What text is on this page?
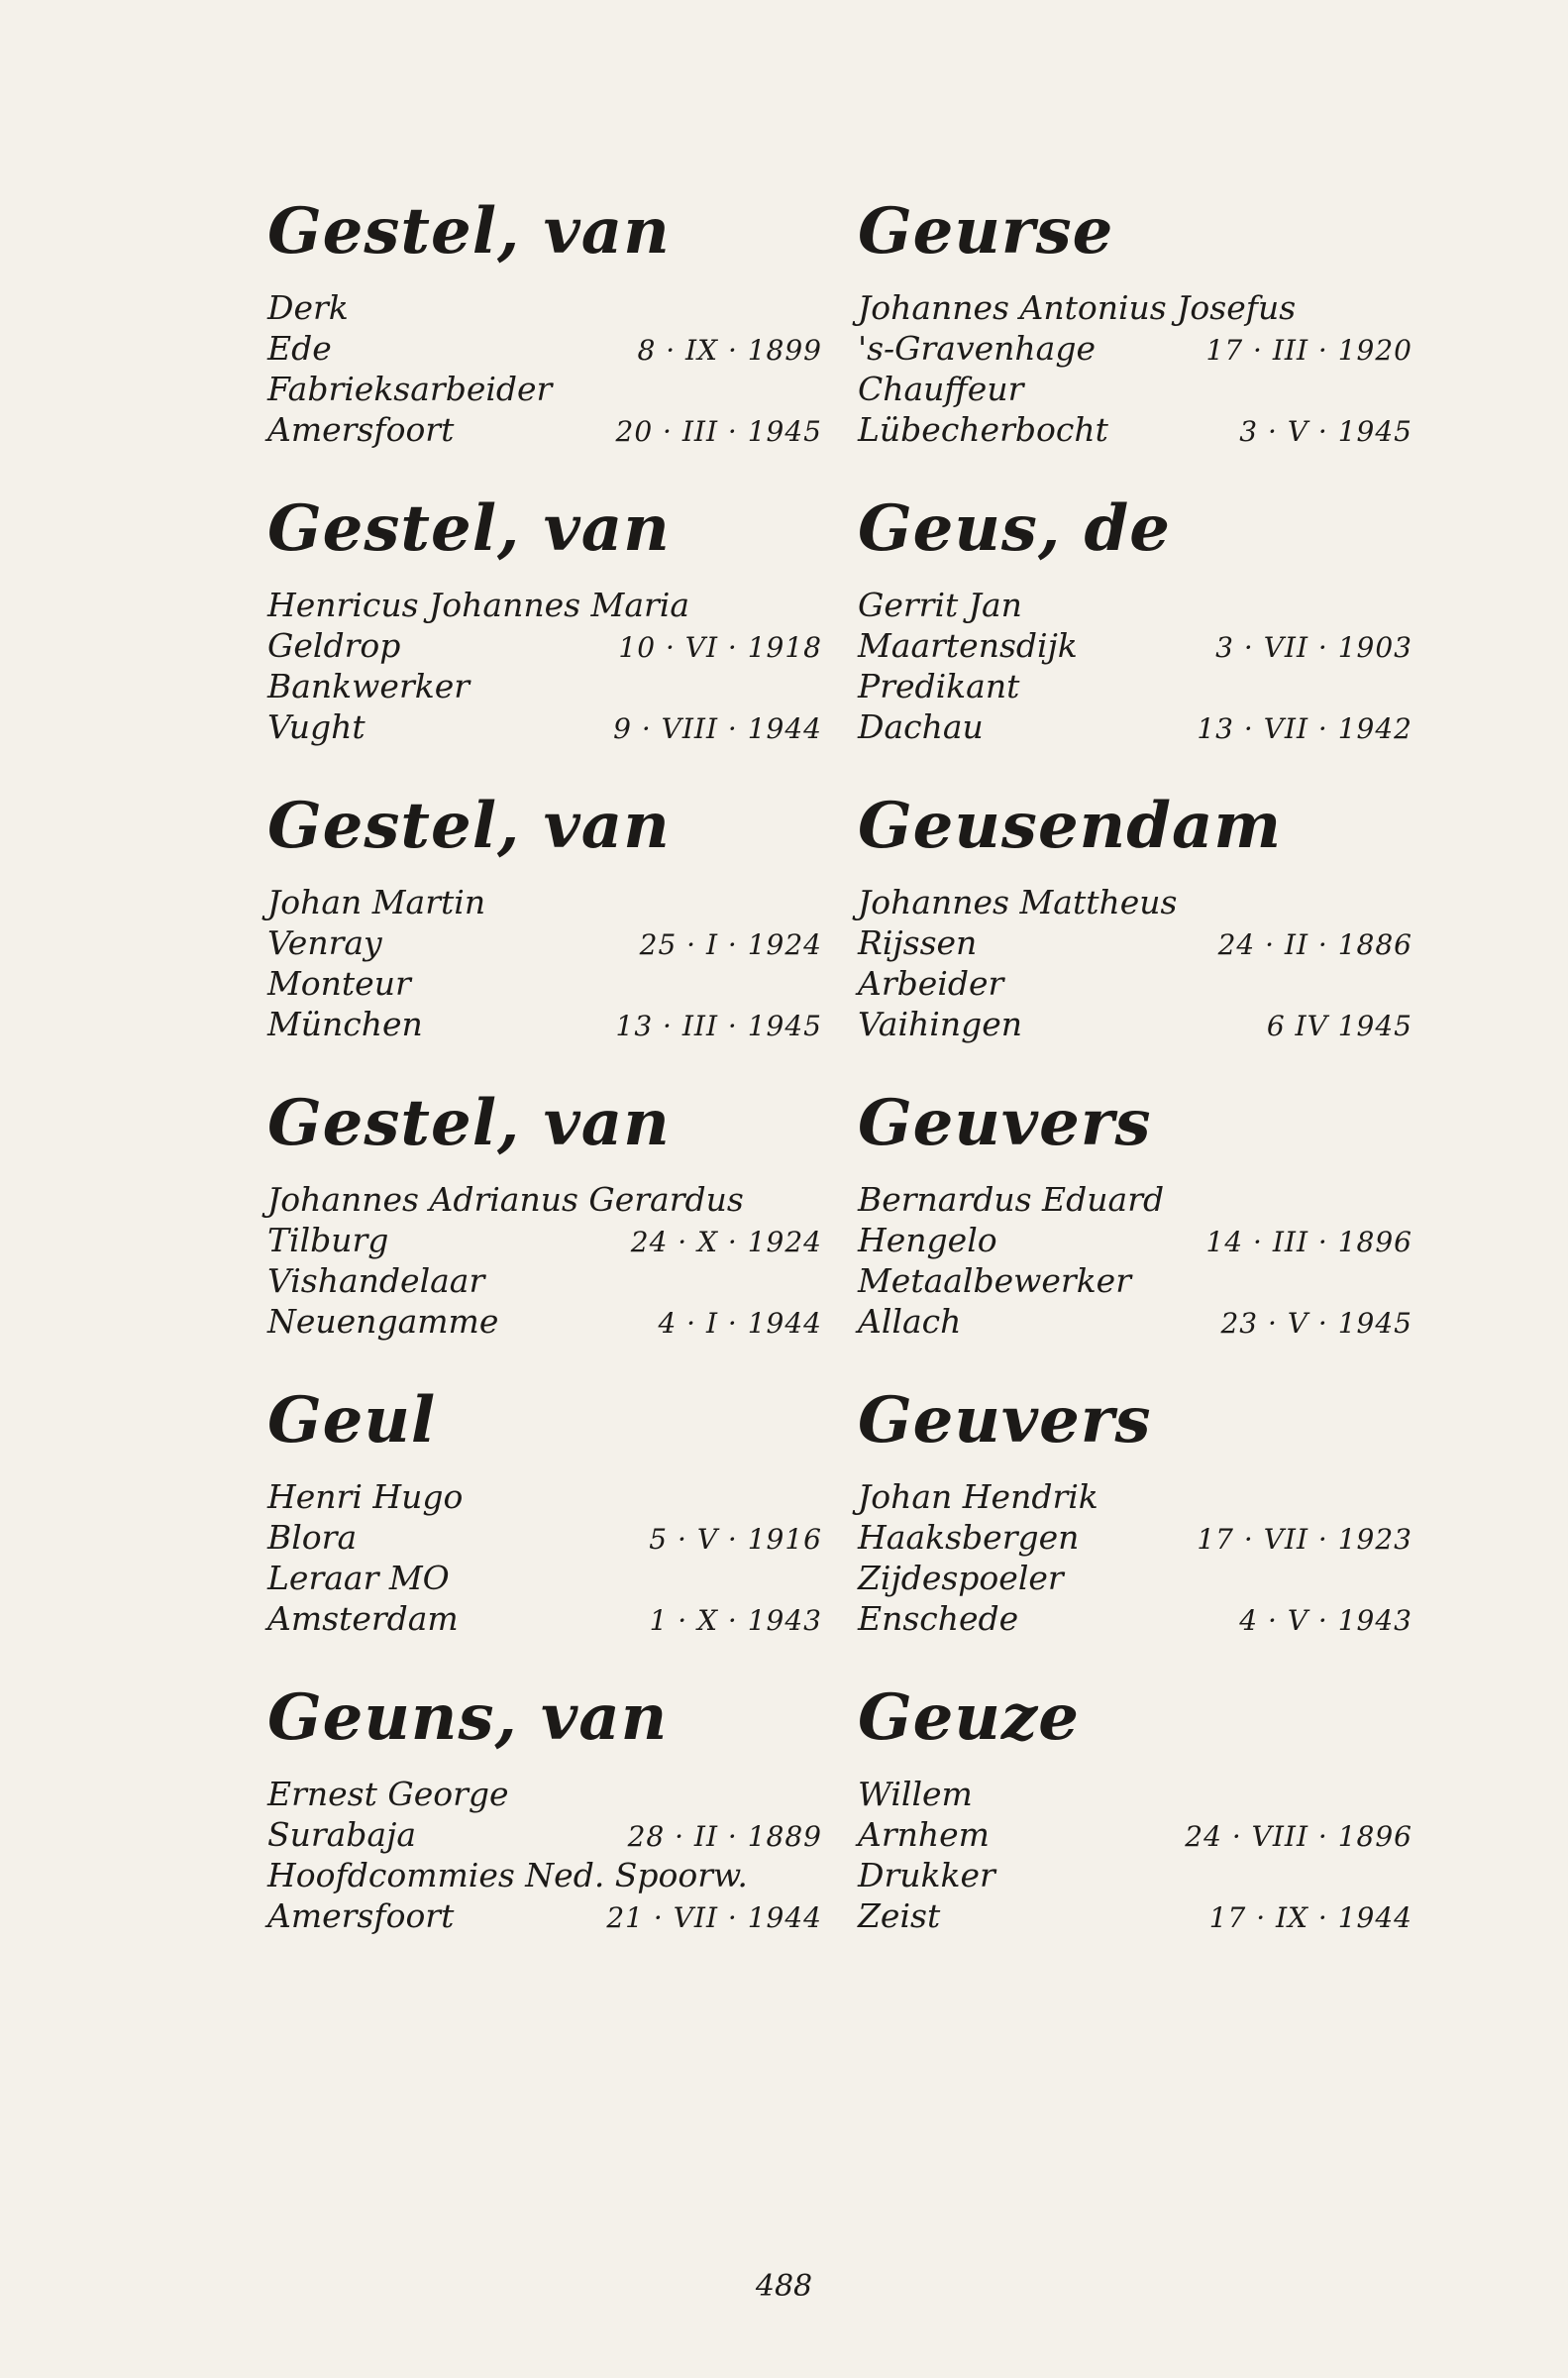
Gestel, van
Derk
Ede	8 · IX · 1899
Fabrieksarbeider
Amersfoort	20 · III · 1945
Gestel, van
Henricus Johannes Maria
Geldrop	10 · VI · 1918
Bankwerker
Vught	9 · VIII · 1944
Gestel, van
Johan Martin
Venray	25 · I · 1924
Monteur
München	13 · III · 1945
Gestel, van
Johannes Adrianus Gerardus
Tilburg	24 · X · 1924
Vishandelaar
Neuengamme	4 · I · 1944
Geul
Henri Hugo
Blora	5 · V · 1916
Leraar MO
Amsterdam	1 · X · 1943
Geuns, van
Ernest George
Surabaja	28 · II · 1889
Hoofdcommies Ned. Spoorw.
Amersfoort	21 · VII · 1944
Geurse
Johannes Antonius Josefus
's-Gravenhage	17 · III · 1920
Chauffeur
Lübecherbocht	3 · V · 1945
Geus, de
Gerrit Jan
Maartensdijk	3 · VII · 1903
Predikant
Dachau	13 · VII · 1942
Geusendam
Johannes Mattheus
Rijssen	24 · II · 1886
Arbeider
Vaihingen	6 IV 1945
Geuvers
Bernardus Eduard
Hengelo	14 · III · 1896
Metaalbewerker
Allach	23 · V · 1945
Geuvers
Johan Hendrik
Haaksbergen	17 · VII · 1923
Zijdespoeler
Enschede	4 · V · 1943
Geuze
Willem
Arnhem	24 · VIII · 1896
Drukker
Zeist	17 · IX · 1944
488
